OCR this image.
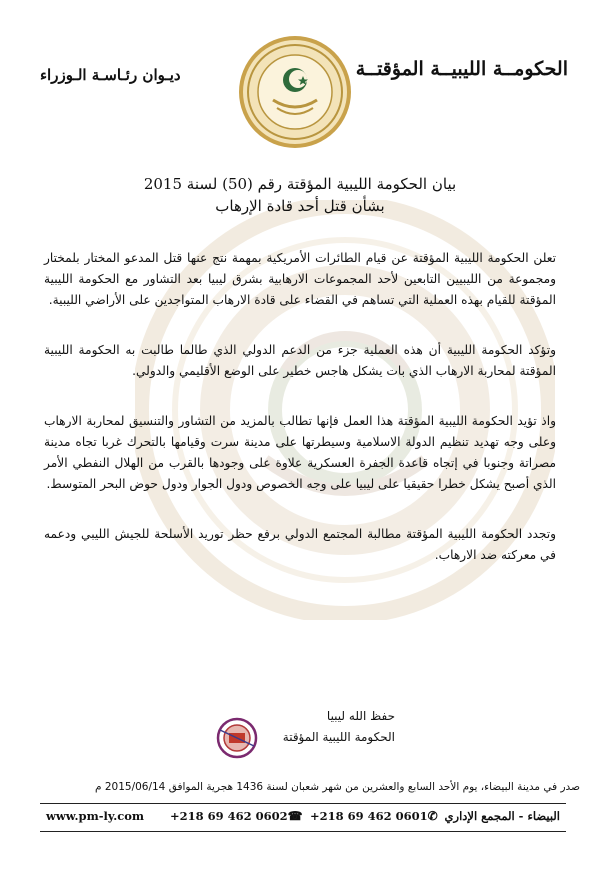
الحكومــة الليبيــة المؤقتــة
ديـوان رئـاسـة الـوزراء
بيان الحكومة الليبية المؤقتة رقم (50) لسنة 2015
بشأن قتل أحد قادة الإرهاب

تعلن الحكومة الليبية المؤقتة عن قيام الطائرات الأمريكية بمهمة نتج عنها قتل المدعو المختار بلمختار ومجموعة من الليبيين التابعين لأحد المجموعات الارهابية بشرق ليبيا بعد التشاور مع الحكومة الليبية المؤقتة للقيام بهذه العملية التي تساهم في القضاء على قادة الارهاب المتواجدين على الأراضي الليبية.

وتؤكد الحكومة الليبية أن هذه العملية جزء من الدعم الدولي الذي طالما طالبت به الحكومة الليبية المؤقتة لمحاربة الارهاب الذي بات يشكل هاجس خطير على الوضع الأقليمي والدولي.

واذ تؤيد الحكومة الليبية المؤقتة هذا العمل فإنها تطالب بالمزيد من التشاور والتنسيق لمحاربة الارهاب وعلى وجه تهديد تنظيم الدولة الاسلامية وسيطرتها على مدينة سرت وقيامها بالتحرك غربا تجاه مدينة مصراتة وجنوبا في إتجاه قاعدة الجفرة العسكرية علاوة على وجودها بالقرب من الهلال النفطي الأمر الذي أصبح يشكل خطرا حقيقيا على ليبيا على وجه الخصوص ودول الجوار ودول حوض البحر المتوسط.

وتجدد الحكومة الليبية المؤقتة مطالبة المجتمع الدولي برفع حظر توريد الأسلحة للجيش الليبي ودعمه في معركته ضد الارهاب.

حفظ الله ليبيا
الحكومة الليبية المؤقتة
صدر في مدينة البيضاء، يوم الأحد السابع والعشرين من شهر شعبان لسنة 1436 هجرية الموافق 2015/06/14 م
www.pm-ly.com +218 69 462 0602☎ +218 69 462 0601✆ البيضاء - المجمع الإداري
